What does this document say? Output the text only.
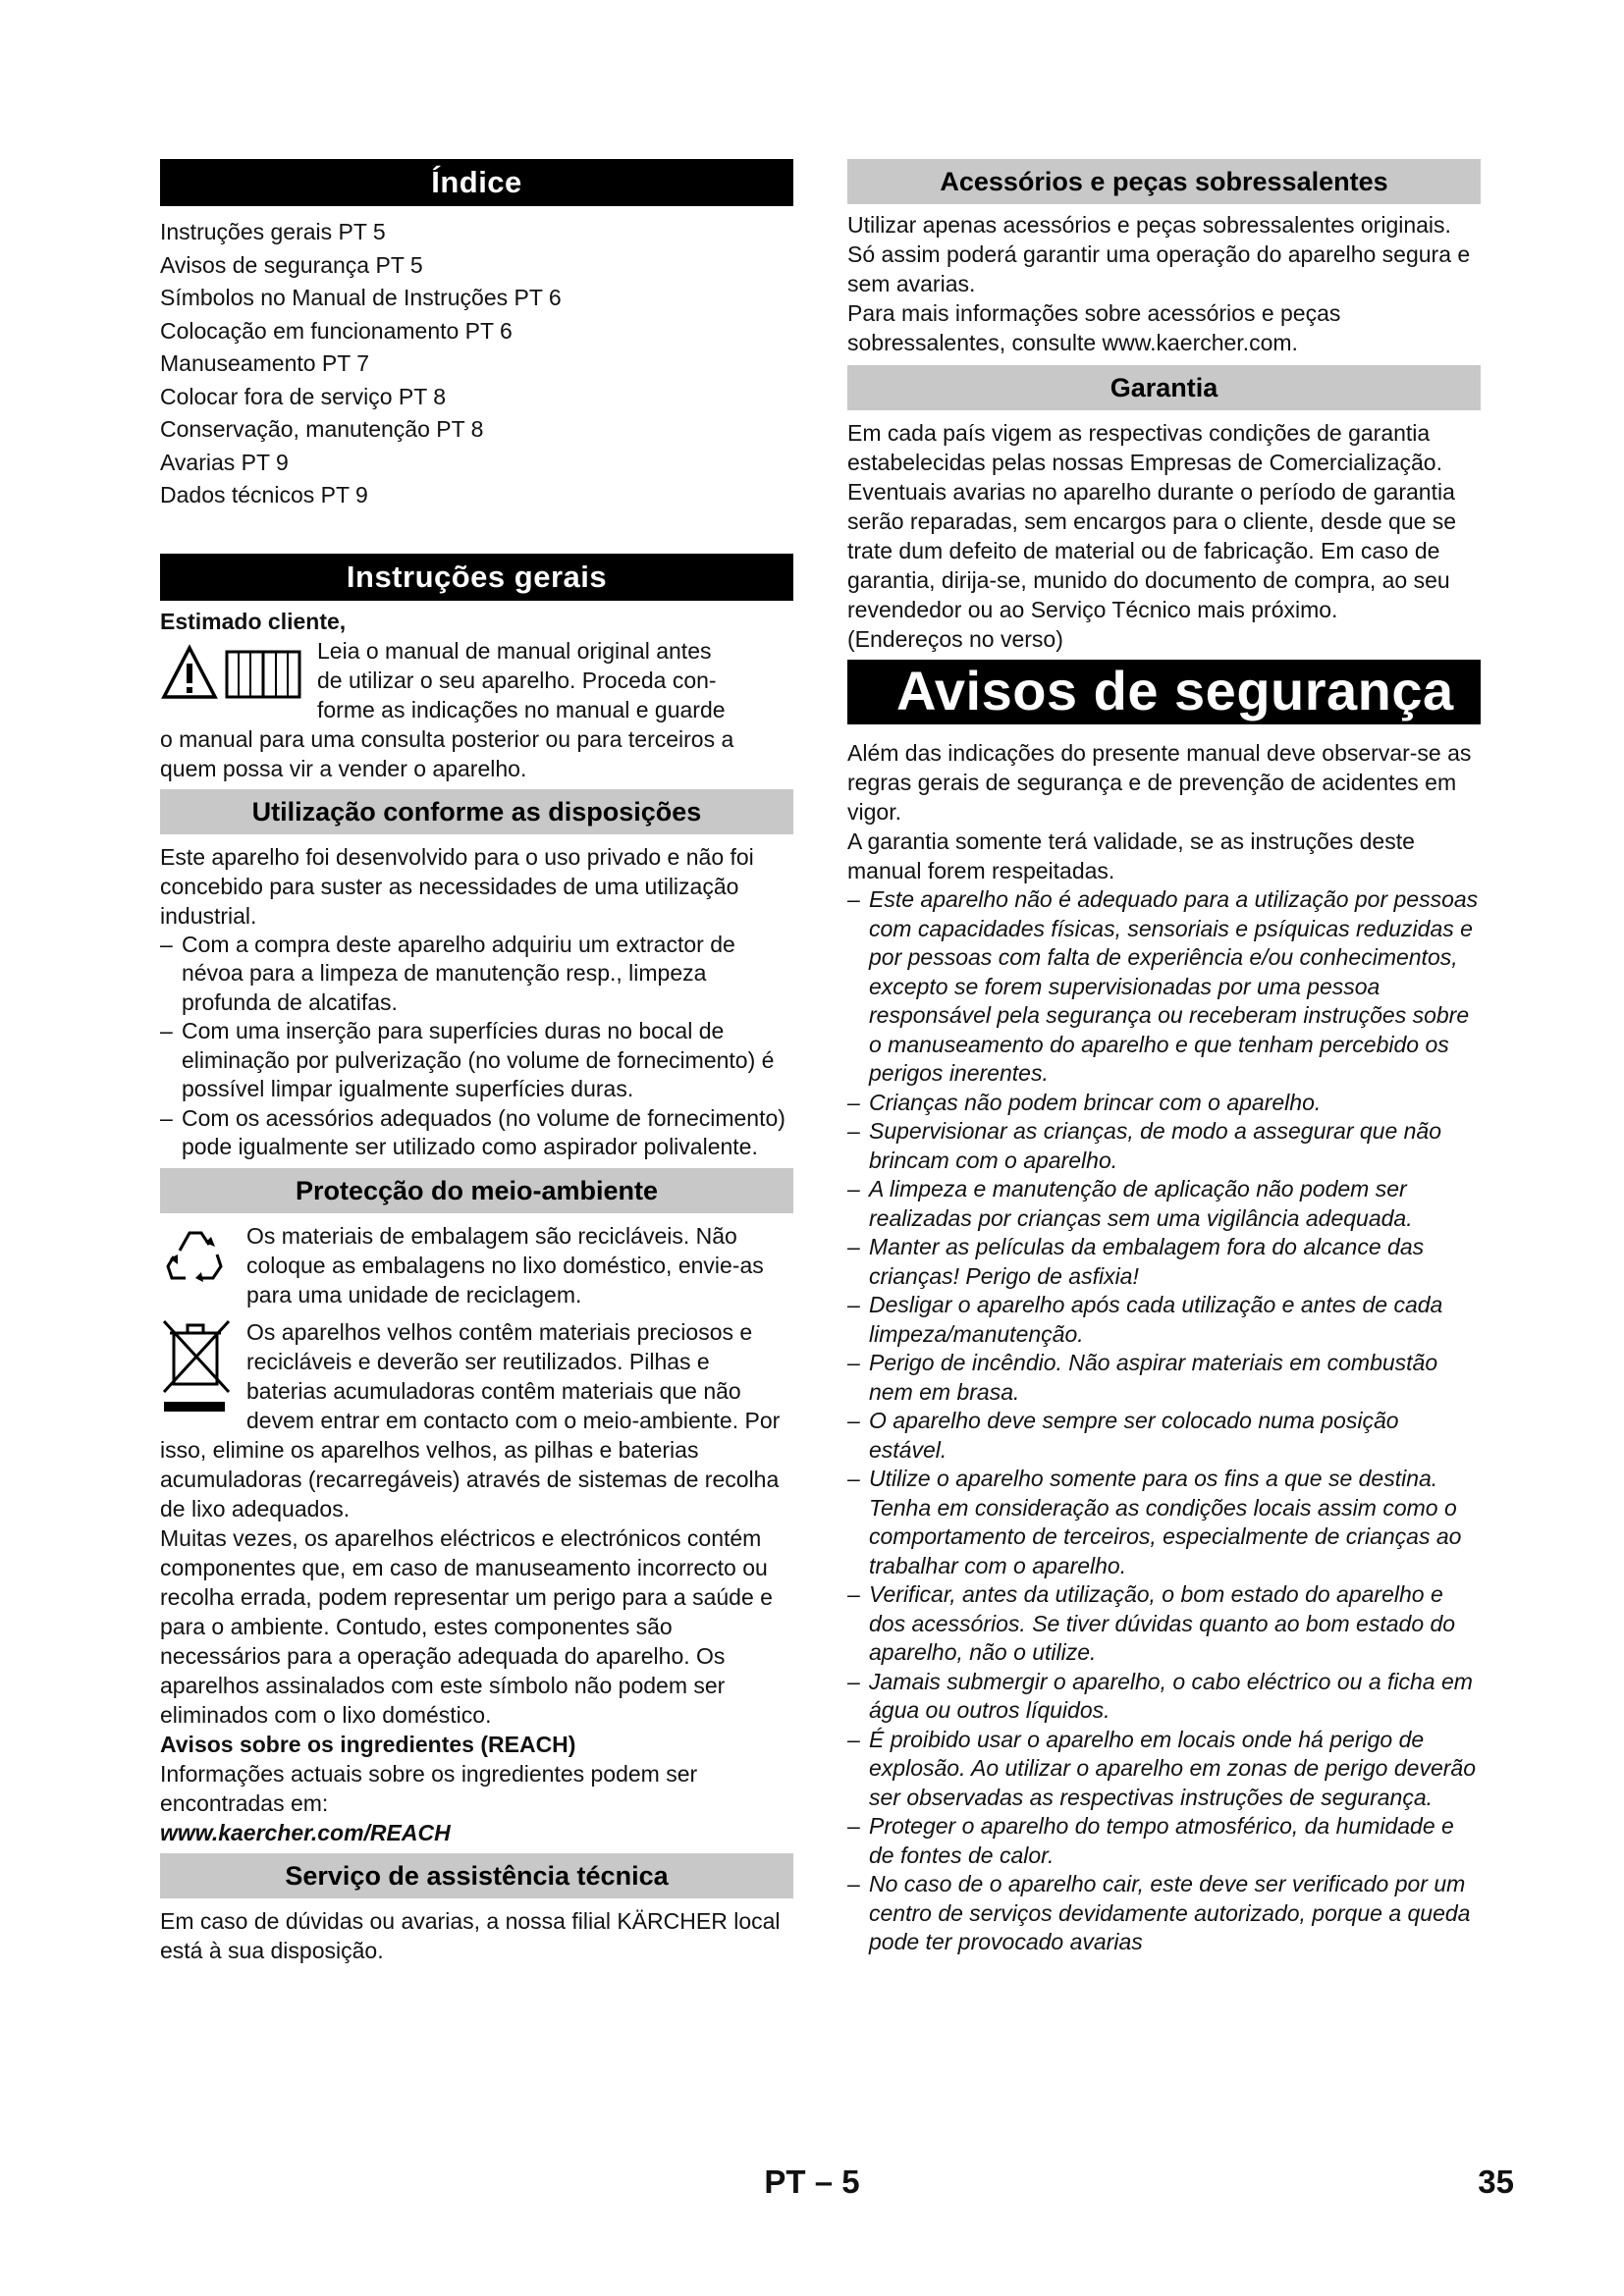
Índice

Instruções gerais PT 5

Avisos de segurança PT 5

Símbolos no Manual de Instruções PT 6

Colocação em funcionamento PT 6

Manuseamento PT 7

Colocar fora de serviço PT 8

Conservação, manutenção PT 8

Avarias PT 9

Dados técnicos PT 9

Instruções gerais

Estimado cliente,

Leia o manual de manual original antes

de utilizar o seu aparelho. Proceda con-

forme as indicações no manual e guarde

o manual para uma consulta posterior ou para terceiros a quem possa vir a vender o aparelho.

Utilização conforme as disposições

Este aparelho foi desenvolvido para o uso privado e não foi concebido para suster as necessidades de uma utilização industrial.

– Com a compra deste aparelho adquiriu um extractor de névoa para a limpeza de manutenção resp., limpeza profunda de alcatifas.
– Com uma inserção para superfícies duras no bocal de eliminação por pulverização (no volume de fornecimento) é possível limpar igualmente superfícies duras.
– Com os acessórios adequados (no volume de fornecimento) pode igualmente ser utilizado como aspirador polivalente.
Protecção do meio-ambiente

Os materiais de embalagem são recicláveis. Não coloque as embalagens no lixo doméstico, envie-as para uma unidade de reciclagem.

Os aparelhos velhos contêm materiais preciosos e recicláveis e deverão ser reutilizados. Pilhas e baterias acumuladoras contêm materiais que não devem entrar em contacto com o meio-ambiente. Por isso, elimine os aparelhos velhos, as pilhas e baterias acumuladoras (recarregáveis) através de sistemas de recolha de lixo adequados.

Muitas vezes, os aparelhos eléctricos e electrónicos contém componentes que, em caso de manuseamento incorrecto ou recolha errada, podem representar um perigo para a saúde e para o ambiente. Contudo, estes componentes são necessários para a operação adequada do aparelho. Os aparelhos assinalados com este símbolo não podem ser eliminados com o lixo doméstico.

Avisos sobre os ingredientes (REACH)

Informações actuais sobre os ingredientes podem ser encontradas em:

www.kaercher.com/REACH

Serviço de assistência técnica

Em caso de dúvidas ou avarias, a nossa filial KÄRCHER local está à sua disposição.

Acessórios e peças sobressalentes

Utilizar apenas acessórios e peças sobressalentes originais. Só assim poderá garantir uma operação do aparelho segura e sem avarias.

Para mais informações sobre acessórios e peças sobressalentes, consulte www.kaercher.com.

Garantia

Em cada país vigem as respectivas condições de garantia estabelecidas pelas nossas Empresas de Comercialização. Eventuais avarias no aparelho durante o período de garantia serão reparadas, sem encargos para o cliente, desde que se trate dum defeito de material ou de fabricação. Em caso de garantia, dirija-se, munido do documento de compra, ao seu revendedor ou ao Serviço Técnico mais próximo.

(Endereços no verso)

Avisos de segurança

Além das indicações do presente manual deve observar-se as regras gerais de segurança e de prevenção de acidentes em vigor.

A garantia somente terá validade, se as instruções deste manual forem respeitadas.

– Este aparelho não é adequado para a utilização por pessoas com capacidades físicas, sensoriais e psíquicas reduzidas e por pessoas com falta de experiência e/ou conhecimentos, excepto se forem supervisionadas por uma pessoa responsável pela segurança ou receberam instruções sobre o manuseamento do aparelho e que tenham percebido os perigos inerentes.
– Crianças não podem brincar com o aparelho.
– Supervisionar as crianças, de modo a assegurar que não brincam com o aparelho.
– A limpeza e manutenção de aplicação não podem ser realizadas por crianças sem uma vigilância adequada.
– Manter as películas da embalagem fora do alcance das crianças! Perigo de asfixia!
– Desligar o aparelho após cada utilização e antes de cada limpeza/manutenção.
– Perigo de incêndio. Não aspirar materiais em combustão nem em brasa.
– O aparelho deve sempre ser colocado numa posição estável.
– Utilize o aparelho somente para os fins a que se destina. Tenha em consideração as condições locais assim como o comportamento de terceiros, especialmente de crianças ao trabalhar com o aparelho.
– Verificar, antes da utilização, o bom estado do aparelho e dos acessórios. Se tiver dúvidas quanto ao bom estado do aparelho, não o utilize.
– Jamais submergir o aparelho, o cabo eléctrico ou a ficha em água ou outros líquidos.
– É proibido usar o aparelho em locais onde há perigo de explosão. Ao utilizar o aparelho em zonas de perigo deverão ser observadas as respectivas instruções de segurança.
– Proteger o aparelho do tempo atmosférico, da humidade e de fontes de calor.
– No caso de o aparelho cair, este deve ser verificado por um centro de serviços devidamente autorizado, porque a queda pode ter provocado avarias
PT – 5	35
